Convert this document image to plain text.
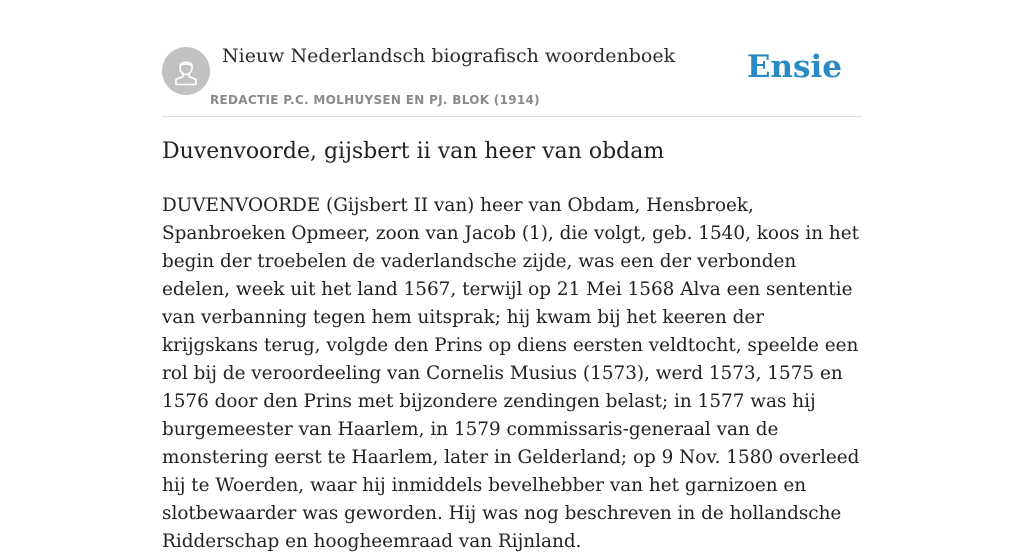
Nieuw Nederlandsch biografisch woordenboek
REDACTIE P.C. MOLHUYSEN EN PJ. BLOK (1914)
Ensie
Duvenvoorde, gijsbert ii van heer van obdam

DUVENVOORDE (Gijsbert II van) heer van Obdam, Hensbroek, Spanbroeken Opmeer, zoon van Jacob (1), die volgt, geb. 1540, koos in het begin der troebelen de vaderlandsche zijde, was een der verbonden edelen, week uit het land 1567, terwijl op 21 Mei 1568 Alva een sententie van verbanning tegen hem uitsprak; hij kwam bij het keeren der krijgskans terug, volgde den Prins op diens eersten veldtocht, speelde een rol bij de veroordeeling van Cornelis Musius (1573), werd 1573, 1575 en 1576 door den Prins met bijzondere zendingen belast; in 1577 was hij burgemeester van Haarlem, in 1579 commissaris-generaal van de monstering eerst te Haarlem, later in Gelderland; op 9 Nov. 1580 overleed hij te Woerden, waar hij inmiddels bevelhebber van het garnizoen en slotbewaarder was geworden. Hij was nog beschreven in de hollandsche Ridderschap en hoogheemraad van Rijnland.
